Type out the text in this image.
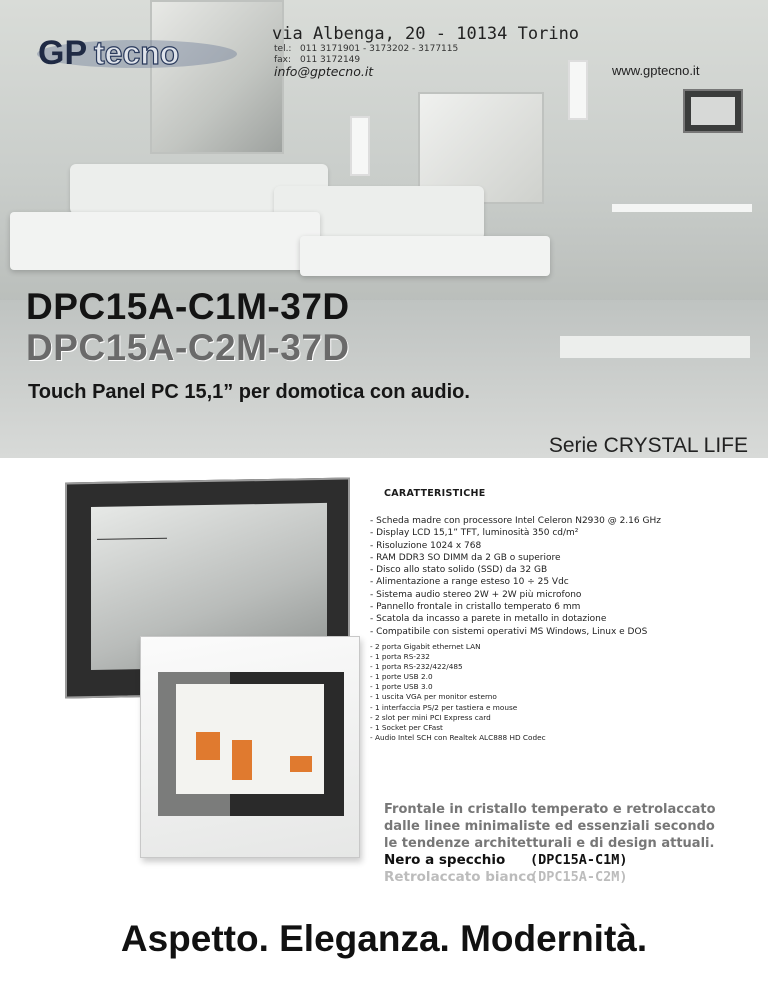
GP tecno
via Albenga, 20 - 10134 Torino
tel.: 011 3171901 - 3173202 - 3177115
fax: 011 3172149
info@gptecno.it	www.gptecno.it
DPC15A-C1M-37D
DPC15A-C2M-37D
Touch Panel PC 15,1” per domotica con audio.
Serie CRYSTAL LIFE
CARATTERISTICHE
- Scheda madre con processore Intel Celeron N2930 @ 2.16 GHz
- Display LCD 15,1” TFT, luminosità 350 cd/m²
- Risoluzione 1024 x 768
- RAM DDR3 SO DIMM da 2 GB o superiore
- Disco allo stato solido (SSD) da 32 GB
- Alimentazione a range esteso 10 ÷ 25 Vdc
- Sistema audio stereo 2W + 2W più microfono
- Pannello frontale in cristallo temperato 6 mm
- Scatola da incasso a parete in metallo in dotazione
- Compatibile con sistemi operativi MS Windows, Linux e DOS
- 2 porta Gigabit ethernet LAN
- 1 porta RS-232
- 1 porta RS-232/422/485
- 1 porte USB 2.0
- 1 porte USB 3.0
- 1 uscita VGA per monitor esterno
- 1 interfaccia PS/2 per tastiera e mouse
- 2 slot per mini PCI Express card
- 1 Socket per CFast
- Audio Intel SCH con Realtek ALC888 HD Codec
Frontale in cristallo temperato e retrolaccato dalle linee minimaliste ed essenziali secondo le tendenze architetturali e di design attuali.
Nero a specchio (DPC15A-C1M)
Retrolaccato bianco(DPC15A-C2M)
Aspetto. Eleganza. Modernità.
